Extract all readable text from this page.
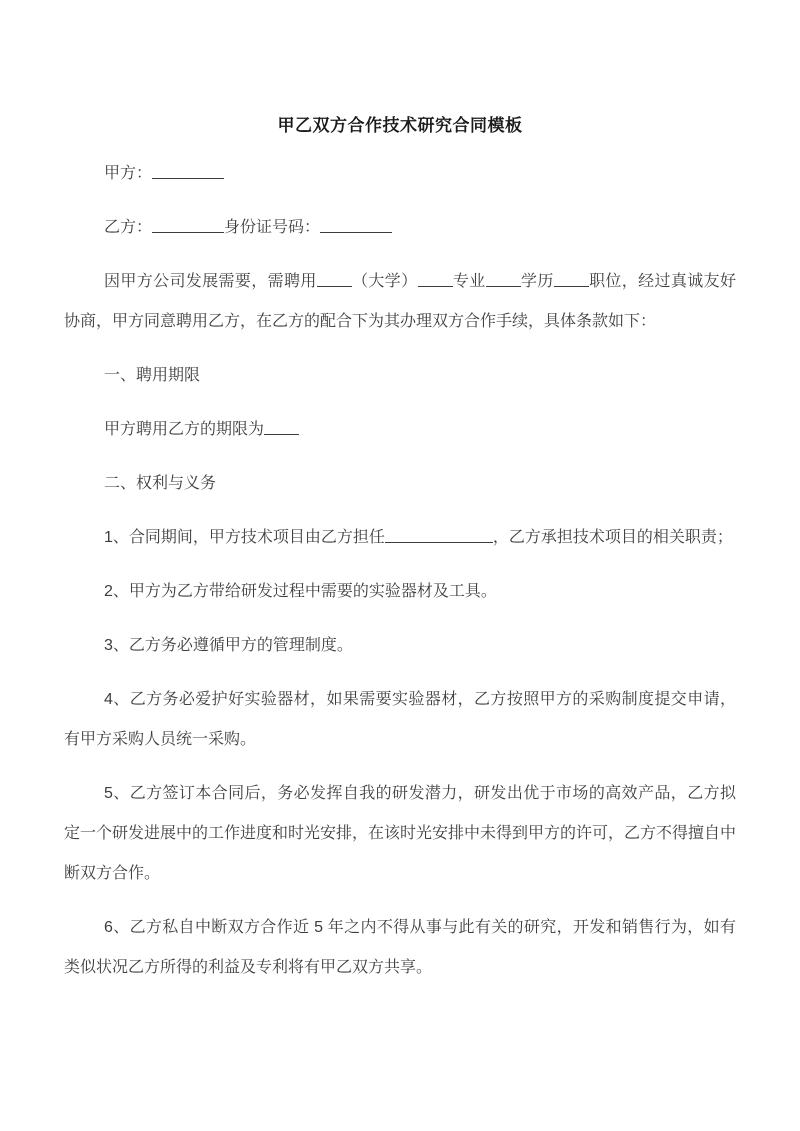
甲乙双方合作技术研究合同模板

甲方：

乙方：	身份证号码：

因甲方公司发展需要，需聘用 （大学） 专业 学历 职位，经过真诚友好协商，甲方同意聘用乙方，在乙方的配合下为其办理双方合作手续，具体条款如下：

一、聘用期限

甲方聘用乙方的期限为

二、权利与义务

1、合同期间，甲方技术项目由乙方担任	，乙方承担技术项目的相关职责；

2、甲方为乙方带给研发过程中需要的实验器材及工具。

3、乙方务必遵循甲方的管理制度。

4、乙方务必爱护好实验器材，如果需要实验器材，乙方按照甲方的采购制度提交申请，有甲方采购人员统一采购。

5、乙方签订本合同后，务必发挥自我的研发潜力，研发出优于市场的高效产品，乙方拟定一个研发进展中的工作进度和时光安排，在该时光安排中未得到甲方的许可，乙方不得擅自中断双方合作。

6、乙方私自中断双方合作近 5 年之内不得从事与此有关的研究，开发和销售行为，如有类似状况乙方所得的利益及专利将有甲乙双方共享。
